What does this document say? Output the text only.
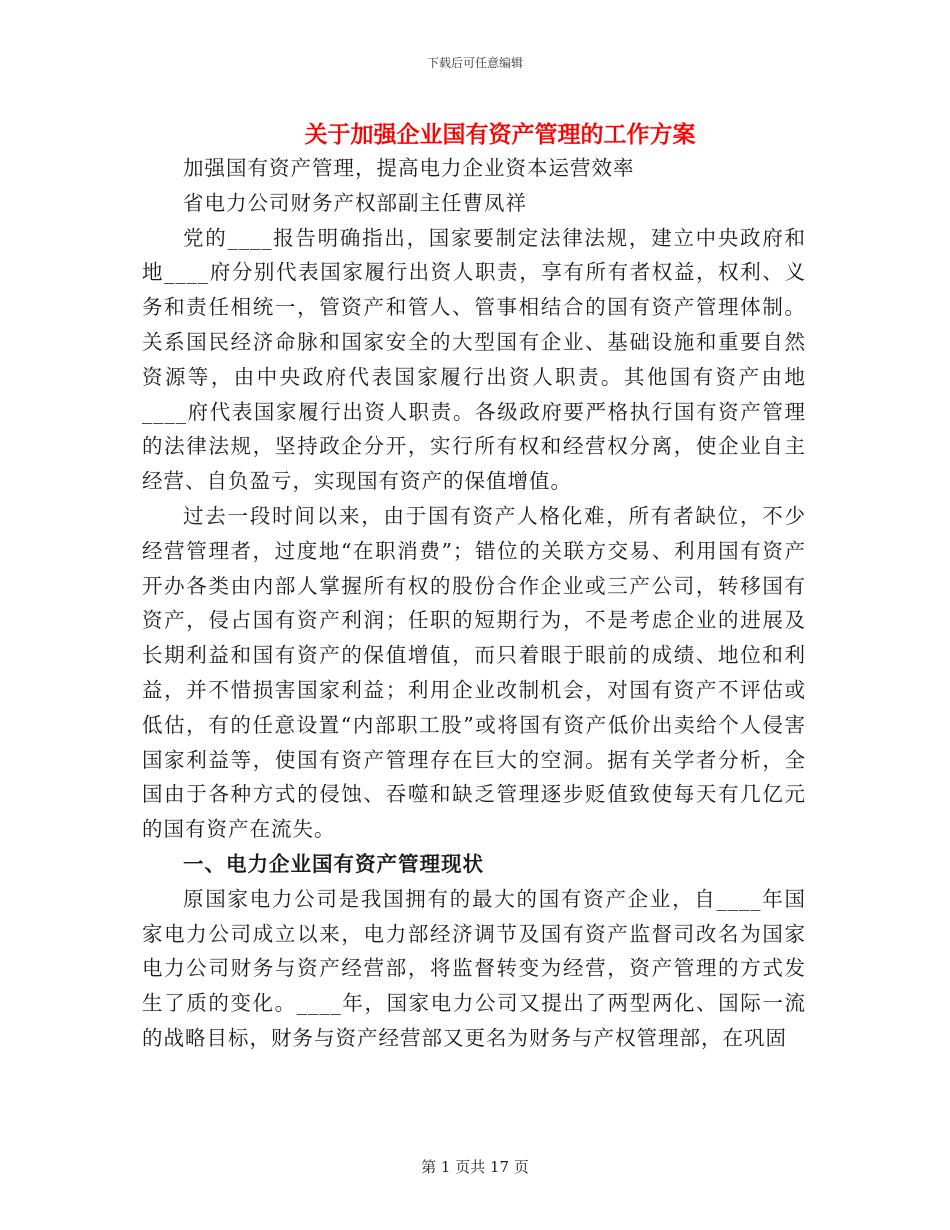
下载后可任意编辑
关于加强企业国有资产管理的工作方案

加强国有资产管理，提高电力企业资本运营效率

省电力公司财务产权部副主任曹凤祥

党的____报告明确指出，国家要制定法律法规，建立中央政府和地____府分别代表国家履行出资人职责，享有所有者权益，权利、义务和责任相统一，管资产和管人、管事相结合的国有资产管理体制。关系国民经济命脉和国家安全的大型国有企业、基础设施和重要自然资源等，由中央政府代表国家履行出资人职责。其他国有资产由地____府代表国家履行出资人职责。各级政府要严格执行国有资产管理的法律法规，坚持政企分开，实行所有权和经营权分离，使企业自主经营、自负盈亏，实现国有资产的保值增值。

过去一段时间以来，由于国有资产人格化难，所有者缺位，不少经营管理者，过度地“在职消费”；错位的关联方交易、利用国有资产开办各类由内部人掌握所有权的股份合作企业或三产公司，转移国有资产，侵占国有资产利润；任职的短期行为，不是考虑企业的进展及长期利益和国有资产的保值增值，而只着眼于眼前的成绩、地位和利益，并不惜损害国家利益；利用企业改制机会，对国有资产不评估或低估，有的任意设置“内部职工股”或将国有资产低价出卖给个人侵害国家利益等，使国有资产管理存在巨大的空洞。据有关学者分析，全国由于各种方式的侵蚀、吞噬和缺乏管理逐步贬值致使每天有几亿元的国有资产在流失。

一、电力企业国有资产管理现状

原国家电力公司是我国拥有的最大的国有资产企业，自____年国家电力公司成立以来，电力部经济调节及国有资产监督司改名为国家电力公司财务与资产经营部，将监督转变为经营，资产管理的方式发生了质的变化。____年，国家电力公司又提出了两型两化、国际一流的战略目标，财务与资产经营部又更名为财务与产权管理部，在巩固

第 1 页共 17 页
